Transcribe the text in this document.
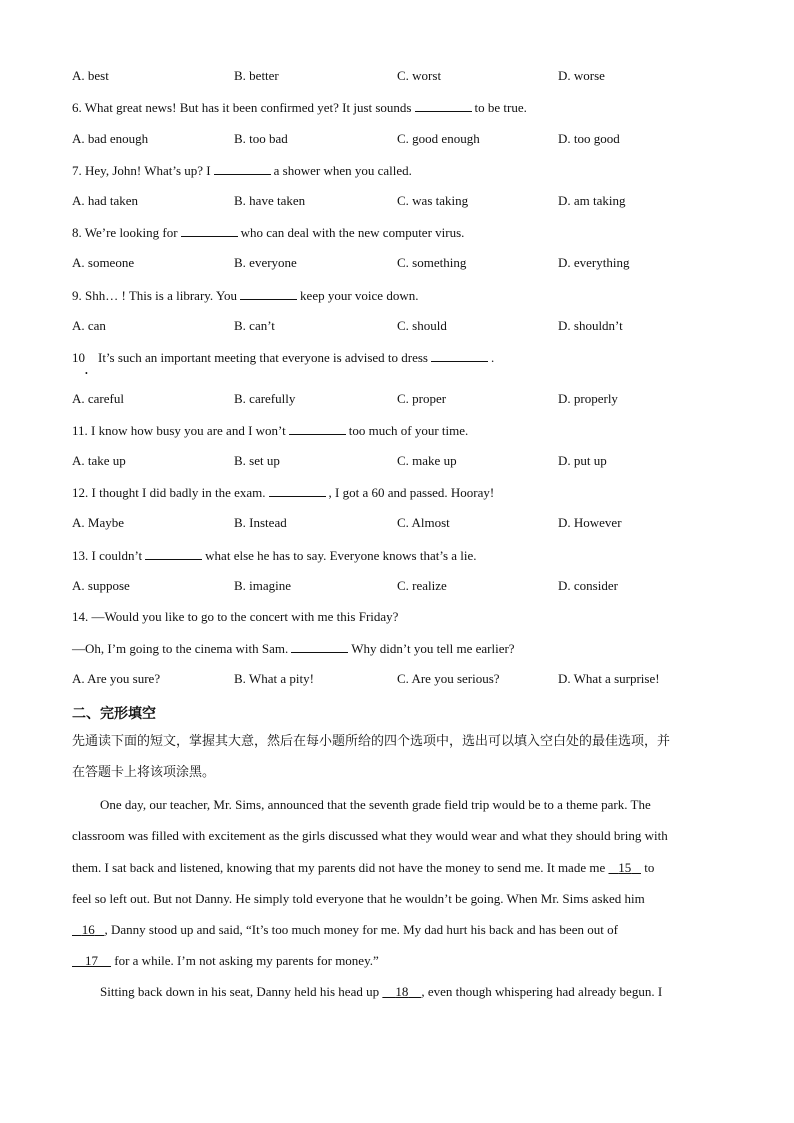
A. best	B. better	C. worst	D. worse
6. What great news! But has it been confirmed yet? It just sounds	to be true.
A. bad enough	B. too bad	C. good enough	D. too good
7. Hey, John! What’s up? I	a shower when you called.
A. had taken	B. have taken	C. was taking	D. am taking
8. We’re looking for	who can deal with the new computer virus.
A. someone	B. everyone	C. something	D. everything
9. Shh… ! This is a library. You	keep your voice down.
A. can	B. can’t	C. should	D. shouldn’t
10    It’s such an important meeting that everyone is advised to dress	.
•
A. careful	B. carefully	C. proper	D. properly
11. I know how busy you are and I won’t	too much of your time.
A. take up	B. set up	C. make up	D. put up
12. I thought I did badly in the exam.	, I got a 60 and passed. Hooray!
A. Maybe	B. Instead	C. Almost	D. However
13. I couldn’t	what else he has to say. Everyone knows that’s a lie.
A. suppose	B. imagine	C. realize	D. consider
14. —Would you like to go to the concert with me this Friday?
—Oh, I’m going to the cinema with Sam.	Why didn’t you tell me earlier?
A. Are you sure?	B. What a pity!	C. Are you serious?	D. What a surprise!
二、完形填空
先通读下面的短文，掌握其大意，然后在每小题所给的四个选项中，选出可以填入空白处的最佳选项，并
在答题卡上将该项涂黑。
One day, our teacher, Mr. Sims, announced that the seventh grade field trip would be to a theme park. The
classroom was filled with excitement as the girls discussed what they would wear and what they should bring with
them. I sat back and listened, knowing that my parents did not have the money to send me. It made me 15 to
feel so left out. But not Danny. He simply told everyone that he wouldn’t be going. When Mr. Sims asked him
16 , Danny stood up and said, “It’s too much money for me. My dad hurt his back and has been out of
17 for a while. I’m not asking my parents for money.”
Sitting back down in his seat, Danny held his head up 18 , even though whispering had already begun. I
